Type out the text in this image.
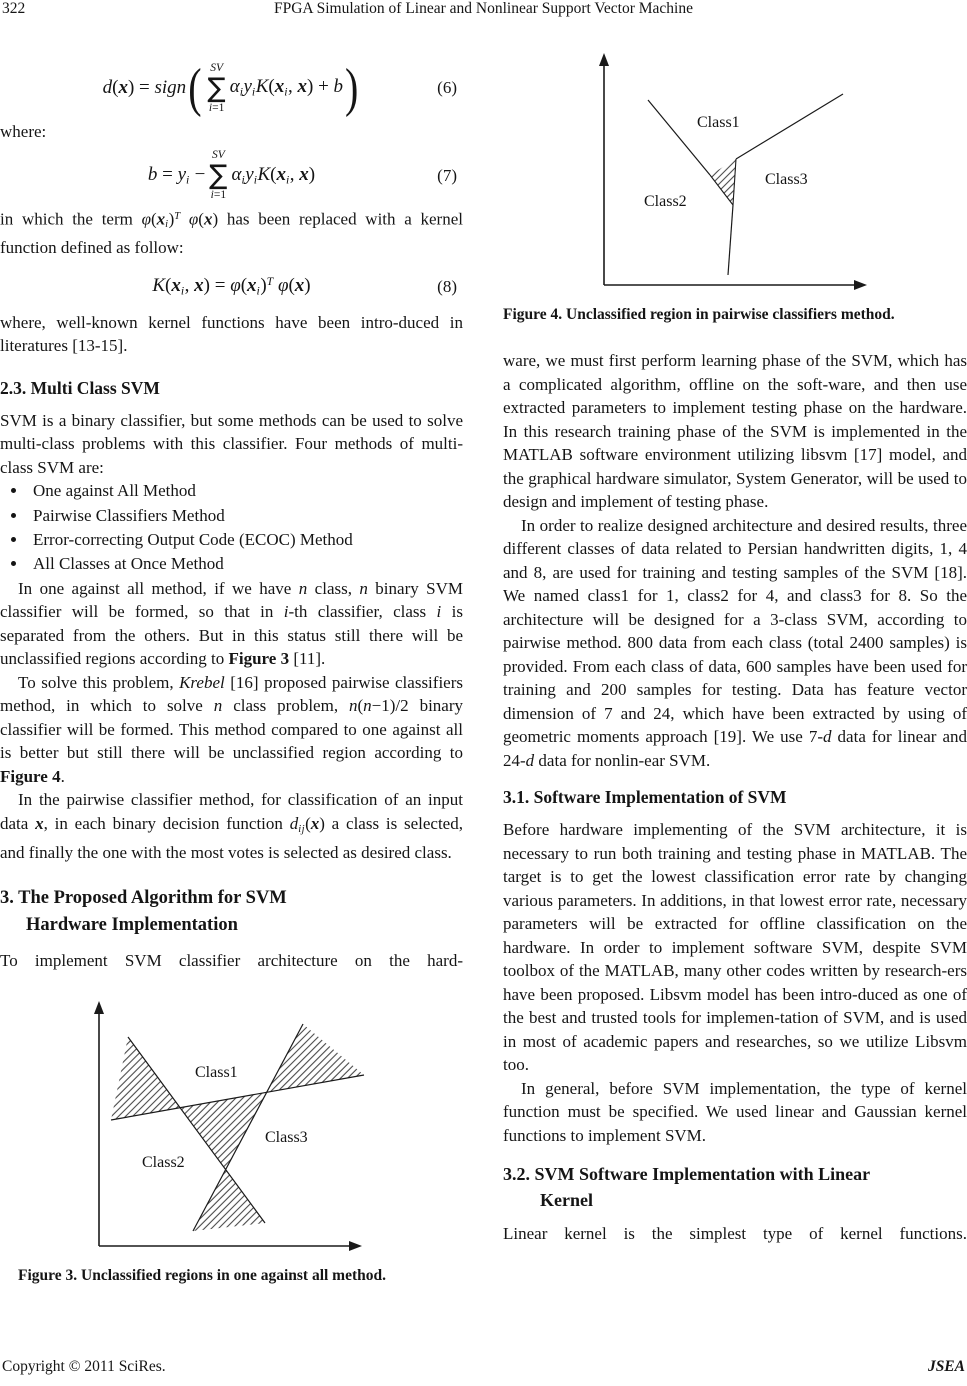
322	FPGA Simulation of Linear and Nonlinear Support Vector Machine
d(x) = sign ( SV
∑
i=1
αiyiK(xi, x) + b )	(6)

where:

b = yi −
SV
∑
i=1
αiyiK(xi, x)	(7)

in which the term φ(xi)$^T$ φ(x) has been replaced with a kernel function defined as follow:

K(xi, x) = φ(xi)$^T$ φ(x)	(8)

where, well-known kernel functions have been intro-duced in literatures [13-15].

2.3. Multi Class SVM

SVM is a binary classifier, but some methods can be used to solve multi-class problems with this classifier. Four methods of multi-class SVM are:

• One against All Method
• Pairwise Classifiers Method
• Error-correcting Output Code (ECOC) Method
• All Classes at Once Method

In one against all method, if we have n class, n binary SVM classifier will be formed, so that in i-th classifier, class i is separated from the others. But in this status still there will be unclassified regions according to Figure 3 [11].

To solve this problem, Krebel [16] proposed pairwise classifiers method, in which to solve n class problem, n(n−1)/2 binary classifier will be formed. This method compared to one against all is better but still there will be unclassified region according to Figure 4.

In the pairwise classifier method, for classification of an input data x, in each binary decision function dij(x) a class is selected, and finally the one with the most votes is selected as desired class.

3. The Proposed Algorithm for SVM
Hardware Implementation

To implement SVM classifier architecture on the hard-

Class1
Class2
Class3
Figure 3. Unclassified regions in one against all method.
Class1
Class2
Class3
Figure 4. Unclassified region in pairwise classifiers method.

ware, we must first perform learning phase of the SVM, which has a complicated algorithm, offline on the soft-ware, and then use extracted parameters to implement testing phase on the hardware. In this research training phase of the SVM is implemented in the MATLAB software environment utilizing libsvm [17] model, and the graphical hardware simulator, System Generator, will be used to design and implement of testing phase.

In order to realize designed architecture and desired results, three different classes of data related to Persian handwritten digits, 1, 4 and 8, are used for training and testing samples of the SVM [18]. We named class1 for 1, class2 for 4, and class3 for 8. So the architecture will be designed for a 3-class SVM, according to pairwise method. 800 data from each class (total 2400 samples) is provided. From each class of data, 600 samples have been used for training and 200 samples for testing. Data has feature vector dimension of 7 and 24, which have been extracted by using of geometric moments approach [19]. We use 7-d data for linear and 24-d data for nonlin-ear SVM.

3.1. Software Implementation of SVM

Before hardware implementing of the SVM architecture, it is necessary to run both training and testing phase in MATLAB. The target is to get the lowest classification error rate by changing various parameters. In additions, in that lowest error rate, necessary parameters will be extracted for offline classification on the hardware. In order to implement software SVM, despite SVM toolbox of the MATLAB, many other codes written by research-ers have been proposed. Libsvm model has been intro-duced as one of the best and trusted tools for implemen-tation of SVM, and is used in most of academic papers and researches, so we utilize Libsvm too.

In general, before SVM implementation, the type of kernel function must be specified. We used linear and Gaussian kernel functions to implement SVM.

3.2. SVM Software Implementation with Linear
Kernel

Linear kernel is the simplest type of kernel functions.

Copyright © 2011 SciRes.	JSEA
